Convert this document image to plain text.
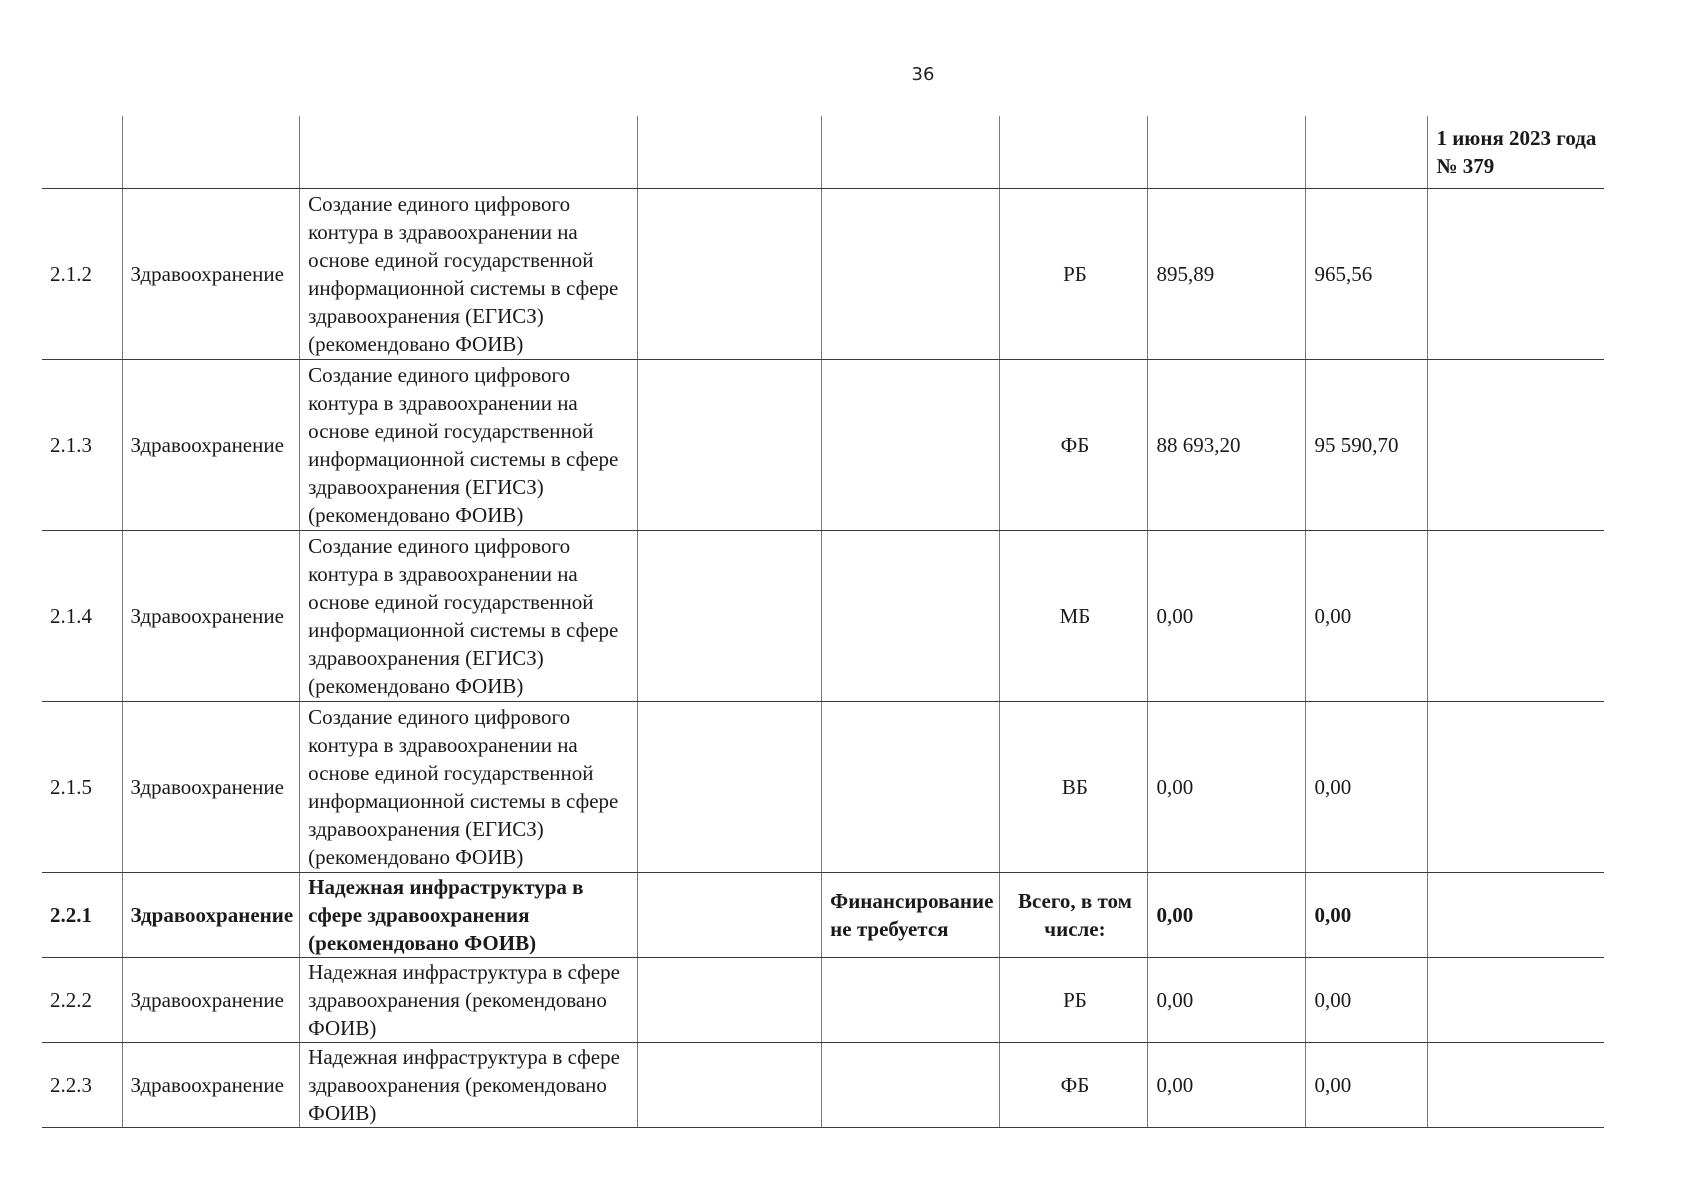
36
								1 июня 2023 года № 379
2.1.2	Здравоохранение	Создание единого цифрового контура в здравоохранении на основе единой государственной информационной системы в сфере здравоохранения (ЕГИСЗ) (рекомендовано ФОИВ)			РБ	895,89	965,56	
2.1.3	Здравоохранение	Создание единого цифрового контура в здравоохранении на основе единой государственной информационной системы в сфере здравоохранения (ЕГИСЗ) (рекомендовано ФОИВ)			ФБ	88 693,20	95 590,70	
2.1.4	Здравоохранение	Создание единого цифрового контура в здравоохранении на основе единой государственной информационной системы в сфере здравоохранения (ЕГИСЗ) (рекомендовано ФОИВ)			МБ	0,00	0,00	
2.1.5	Здравоохранение	Создание единого цифрового контура в здравоохранении на основе единой государственной информационной системы в сфере здравоохранения (ЕГИСЗ) (рекомендовано ФОИВ)			ВБ	0,00	0,00	
2.2.1	Здравоохранение	Надежная инфраструктура в сфере здравоохранения (рекомендовано ФОИВ)		Финансирование не требуется	Всего, в том числе:	0,00	0,00	
2.2.2	Здравоохранение	Надежная инфраструктура в сфере здравоохранения (рекомендовано ФОИВ)			РБ	0,00	0,00	
2.2.3	Здравоохранение	Надежная инфраструктура в сфере здравоохранения (рекомендовано ФОИВ)			ФБ	0,00	0,00	
